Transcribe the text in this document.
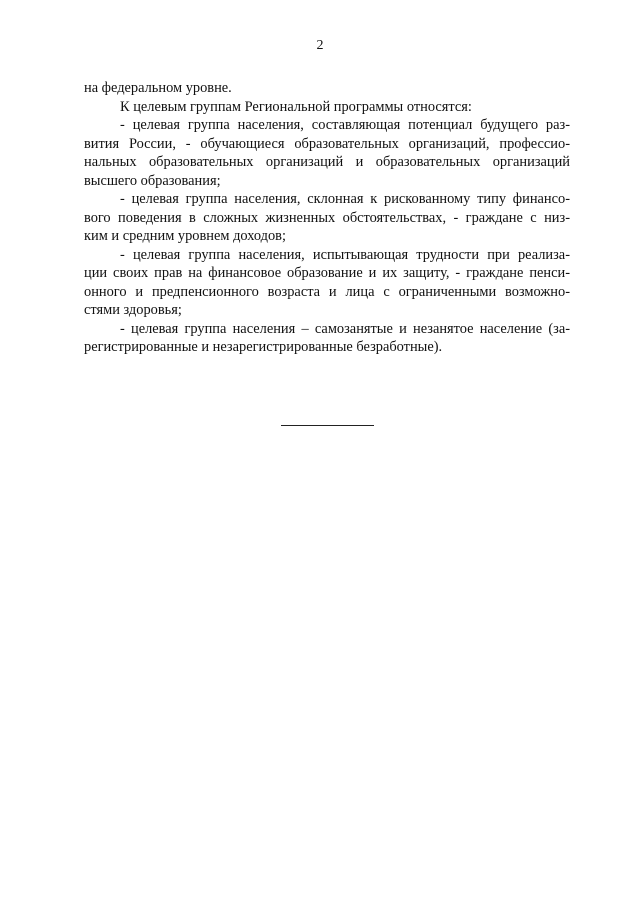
2
на федеральном уровне.
К целевым группам Региональной программы относятся:
- целевая группа населения, составляющая потенциал будущего раз-
вития России, - обучающиеся образовательных организаций, профессио-
нальных образовательных организаций и образовательных организаций
высшего образования;
- целевая группа населения, склонная к рискованному типу финансо-
вого поведения в сложных жизненных обстоятельствах, - граждане с низ-
ким и средним уровнем доходов;
- целевая группа населения, испытывающая трудности при реализа-
ции своих прав на финансовое образование и их защиту, - граждане пенси-
онного и предпенсионного возраста и лица с ограниченными возможно-
стями здоровья;
- целевая группа населения – самозанятые и незанятое население (за-
регистрированные и незарегистрированные безработные).
